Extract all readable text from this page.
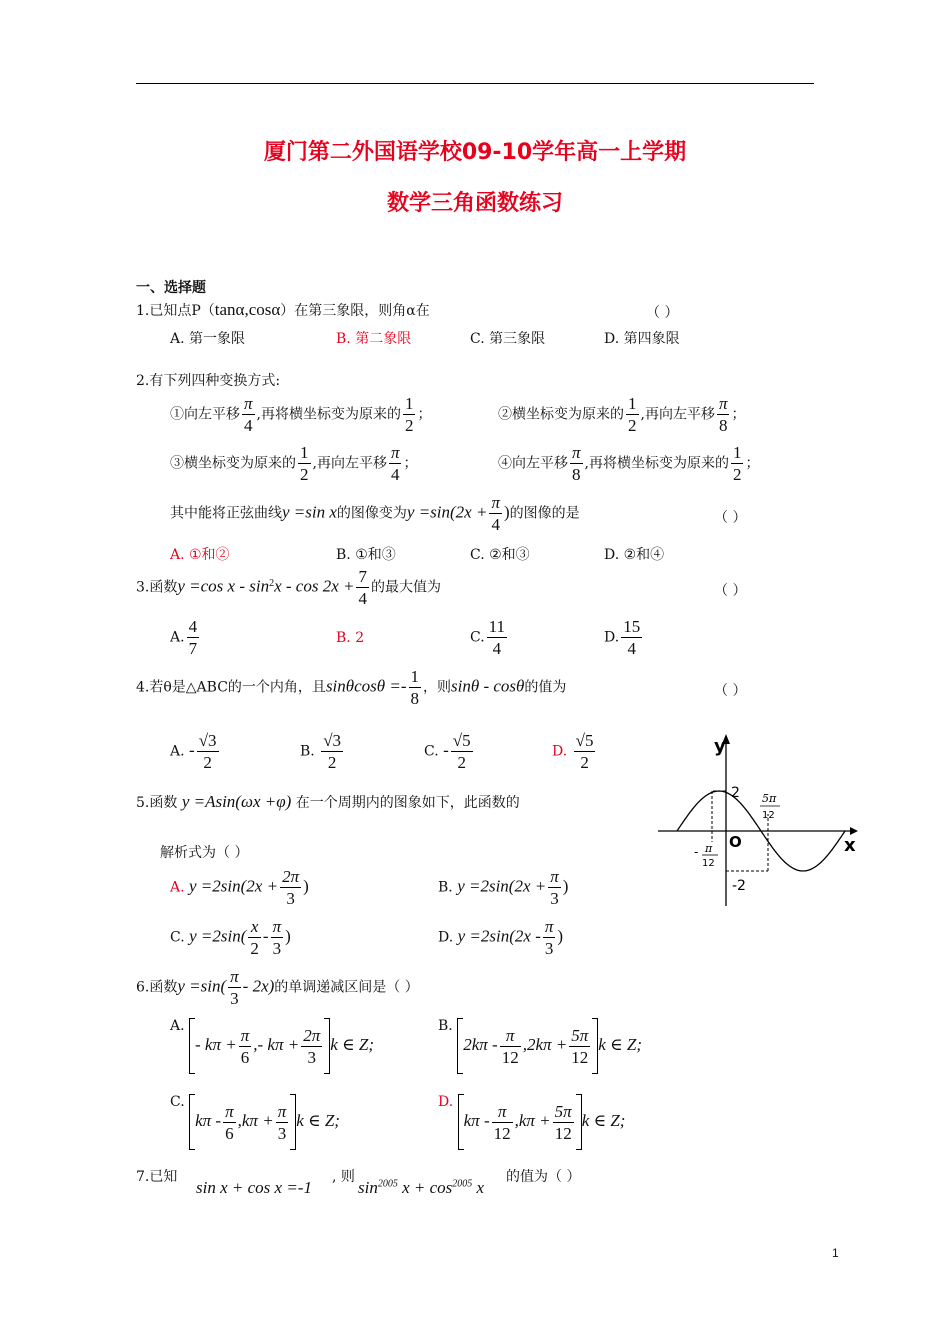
厦门第二外国语学校09-10学年高一上学期
数学三角函数练习
一、选择题
1.已知点P（tanα,cosα）在第三象限，则角α在	（ ）
A. 第一象限	B. 第二象限	C. 第三象限	D. 第四象限
2.有下列四种变换方式:
①向左平移 $\frac{\pi}{4}$ ,再将横坐标变为原来的 $\frac{1}{2}$ ；	②横坐标变为原来的 $\frac{1}{2}$ ,再向左平移 $\frac{\pi}{8}$ ；
③横坐标变为原来的 $\frac{1}{2}$ ,再向左平移 $\frac{\pi}{4}$ ；	④向左平移 $\frac{\pi}{8}$ ,再将横坐标变为原来的 $\frac{1}{2}$ ；
其中能将正弦曲线y =sin x的图像变为$y =\sin(2x + \frac{\pi}{4}$ )的图像的是	（ ）
A. ①和②	B. ①和③	C. ②和③	D. ②和④
3.函数y =cos $x - \sin^2x - \cos 2x + \frac{7}{4}$ 的最大值为	（ ）
A. $\frac{4}{7}$	B. 2	C. $\frac{11}{4}$	D. $\frac{15}{4}$
4.若θ是△ABC的一个内角，且$\sin\theta\cos\theta =- \frac{1}{8}$ ，则sinθ - cosθ的值为	（ ）
A. - $\frac{√3}{2}$	B. $\frac{√3}{2}$	C. - $\frac{√5}{2}$	D. $\frac{√5}{2}$
5.函数 y =Asin(ωx +φ) 在一个周期内的图象如下，此函数的
解析式为（ ）
A. $y =2\sin(2x + \frac{2\pi}{3}$ )	B. $y =2\sin(2x + \frac{\pi}{3}$ )
C. $y =2\sin( \frac{x}{2} - \frac{\pi}{3}$ )	D. $y =2\sin(2x - \frac{\pi}{3}$ )
y
x
O
2
-2
- π
12
5π
12
6.函数$y =\sin( \frac{\pi}{3} - 2x)$的单调递减区间是（ ）
A. - $k\pi + \frac{\pi}{6}$ ,- $k\pi + \frac{2\pi}{3}$ k ∈ Z;
B. $2k\pi - \frac{\pi}{12} ,2k\pi + \frac{5\pi}{12}$ k ∈ Z;
C. $k\pi - \frac{\pi}{6} ,k\pi + \frac{\pi}{3}$ k ∈ Z;
D. $k\pi - \frac{\pi}{12} ,k\pi + \frac{5\pi}{12}$ k ∈ Z;
7.已知
sin x + cos x =-1
, 则
$\sin^{2005} x + \cos^{2005} x$
的值为（ ）
1
